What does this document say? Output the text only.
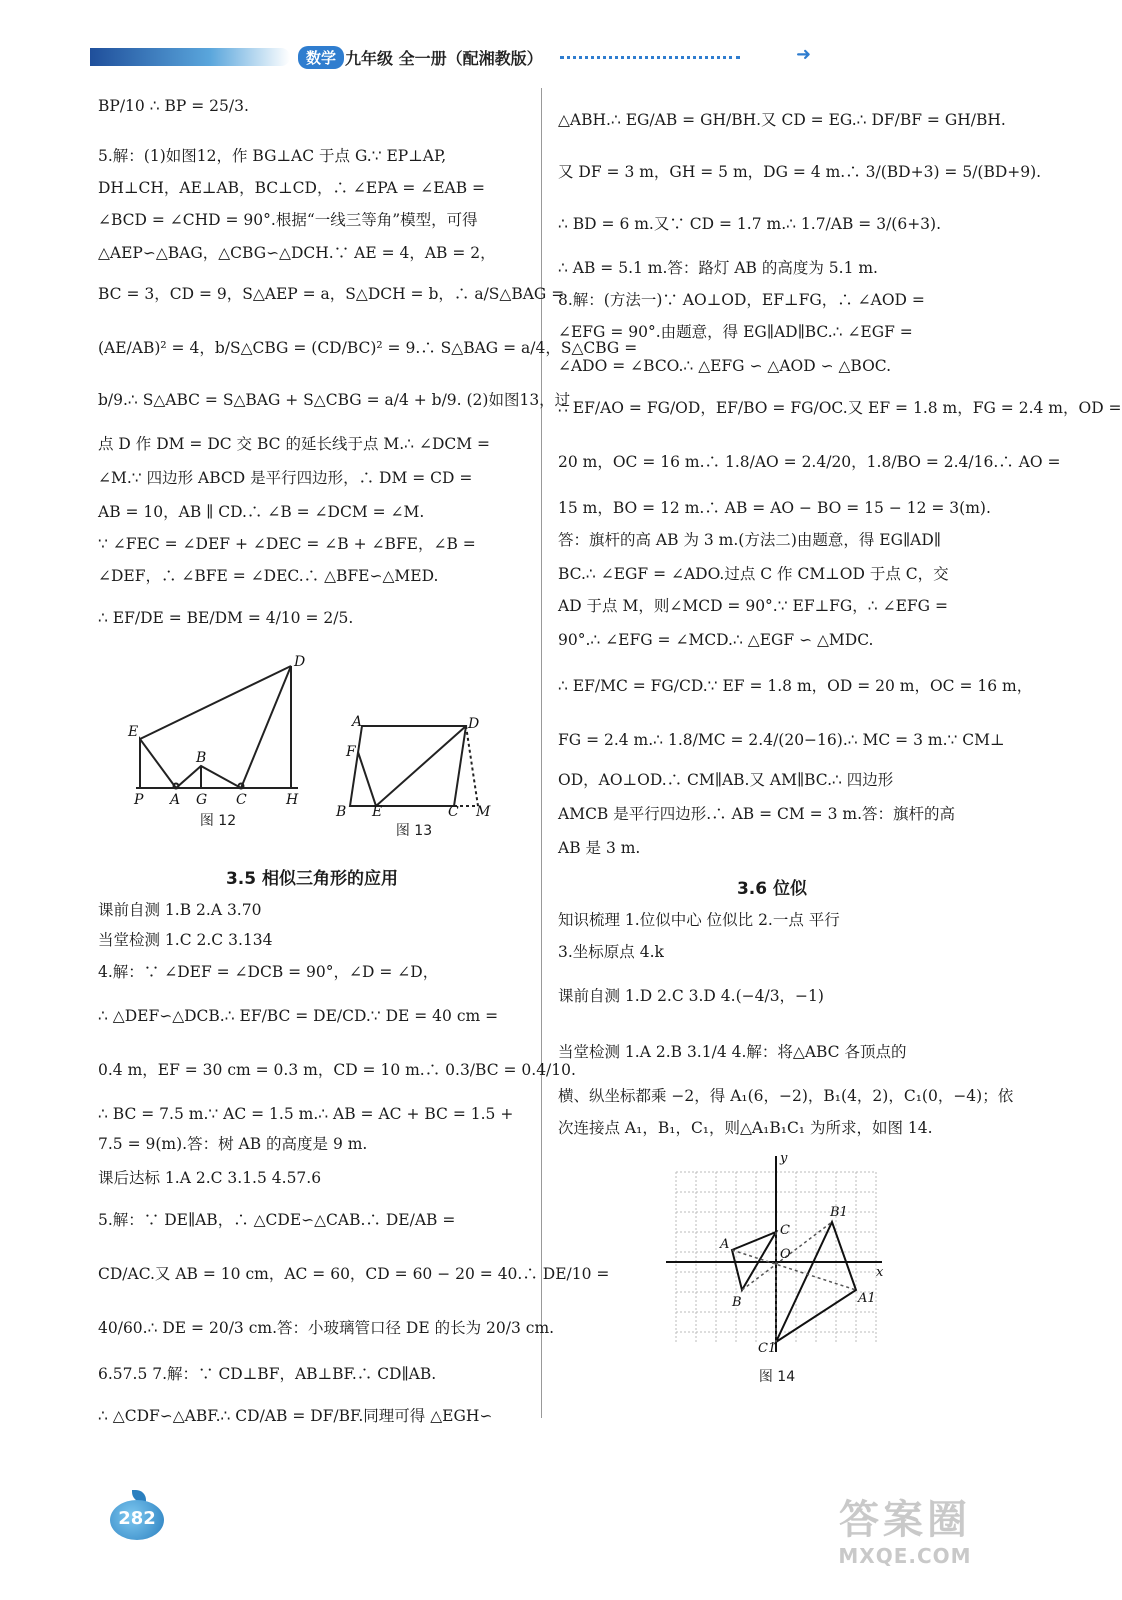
数学 九年级 全一册（配湘教版）	➜
BP/10 ∴ BP = 25/3.
5.解：(1)如图12，作 BG⊥AC 于点 G.∵ EP⊥AP,
DH⊥CH，AE⊥AB，BC⊥CD，∴ ∠EPA = ∠EAB =
∠BCD = ∠CHD = 90°.根据“一线三等角”模型，可得
△AEP∽△BAG，△CBG∽△DCH.∵ AE = 4，AB = 2，
BC = 3，CD = 9，S△AEP = a，S△DCH = b，∴ a/S△BAG =
(AE/AB)² = 4，b/S△CBG = (CD/BC)² = 9.∴ S△BAG = a/4，S△CBG =
b/9.∴ S△ABC = S△BAG + S△CBG = a/4 + b/9. (2)如图13，过
点 D 作 DM = DC 交 BC 的延长线于点 M.∴ ∠DCM =
∠M.∵ 四边形 ABCD 是平行四边形，∴ DM = CD =
AB = 10，AB ∥ CD.∴ ∠B = ∠DCM = ∠M.
∵ ∠FEC = ∠DEF + ∠DEC = ∠B + ∠BFE，∠B =
∠DEF，∴ ∠BFE = ∠DEC.∴ △BFE∽△MED.
∴ EF/DE = BE/DM = 4/10 = 2/5.
D
E
B
P A G C	H
图 12
A	D
F
B E	C M
图 13
3.5 相似三角形的应用
课前自测 1.B 2.A 3.70
当堂检测 1.C 2.C 3.134
4.解：∵ ∠DEF = ∠DCB = 90°，∠D = ∠D，
∴ △DEF∽△DCB.∴ EF/BC = DE/CD.∵ DE = 40 cm =
0.4 m，EF = 30 cm = 0.3 m，CD = 10 m.∴ 0.3/BC = 0.4/10.
∴ BC = 7.5 m.∵ AC = 1.5 m.∴ AB = AC + BC = 1.5 +
7.5 = 9(m).答：树 AB 的高度是 9 m.
课后达标 1.A 2.C 3.1.5 4.57.6
5.解：∵ DE∥AB，∴ △CDE∽△CAB.∴ DE/AB =
CD/AC.又 AB = 10 cm，AC = 60，CD = 60 − 20 = 40.∴ DE/10 =
40/60.∴ DE = 20/3 cm.答：小玻璃管口径 DE 的长为 20/3 cm.
6.57.5 7.解：∵ CD⊥BF，AB⊥BF.∴ CD∥AB.
∴ △CDF∽△ABF.∴ CD/AB = DF/BF.同理可得 △EGH∽
△ABH.∴ EG/AB = GH/BH.又 CD = EG.∴ DF/BF = GH/BH.
又 DF = 3 m，GH = 5 m，DG = 4 m.∴ 3/(BD+3) = 5/(BD+9).
∴ BD = 6 m.又∵ CD = 1.7 m.∴ 1.7/AB = 3/(6+3).
∴ AB = 5.1 m.答：路灯 AB 的高度为 5.1 m.
8.解：(方法一)∵ AO⊥OD，EF⊥FG，∴ ∠AOD =
∠EFG = 90°.由题意，得 EG∥AD∥BC.∴ ∠EGF =
∠ADO = ∠BCO.∴ △EFG ∽ △AOD ∽ △BOC.
∴ EF/AO = FG/OD，EF/BO = FG/OC.又 EF = 1.8 m，FG = 2.4 m，OD =
20 m，OC = 16 m.∴ 1.8/AO = 2.4/20，1.8/BO = 2.4/16.∴ AO =
15 m，BO = 12 m.∴ AB = AO − BO = 15 − 12 = 3(m).
答：旗杆的高 AB 为 3 m.(方法二)由题意，得 EG∥AD∥
BC.∴ ∠EGF = ∠ADO.过点 C 作 CM⊥OD 于点 C，交
AD 于点 M，则∠MCD = 90°.∵ EF⊥FG，∴ ∠EFG =
90°.∴ ∠EFG = ∠MCD.∴ △EGF ∽ △MDC.
∴ EF/MC = FG/CD.∵ EF = 1.8 m，OD = 20 m，OC = 16 m，
FG = 2.4 m.∴ 1.8/MC = 2.4/(20−16).∴ MC = 3 m.∵ CM⊥
OD，AO⊥OD.∴ CM∥AB.又 AM∥BC.∴ 四边形
AMCB 是平行四边形.∴ AB = CM = 3 m.答：旗杆的高
AB 是 3 m.
3.6 位似
知识梳理 1.位似中心 位似比 2.一点 平行
3.坐标原点 4.k
课前自测 1.D 2.C 3.D 4.(−4/3，−1)
当堂检测 1.A 2.B 3.1/4 4.解：将△ABC 各顶点的
横、纵坐标都乘 −2，得 A₁(6，−2)，B₁(4，2)，C₁(0，−4)；依
次连接点 A₁，B₁，C₁，则△A₁B₁C₁ 为所求，如图 14.
y
x
O
A
B
C
A1
B1
C1
图 14
282	答案圈
MXQE.COM
